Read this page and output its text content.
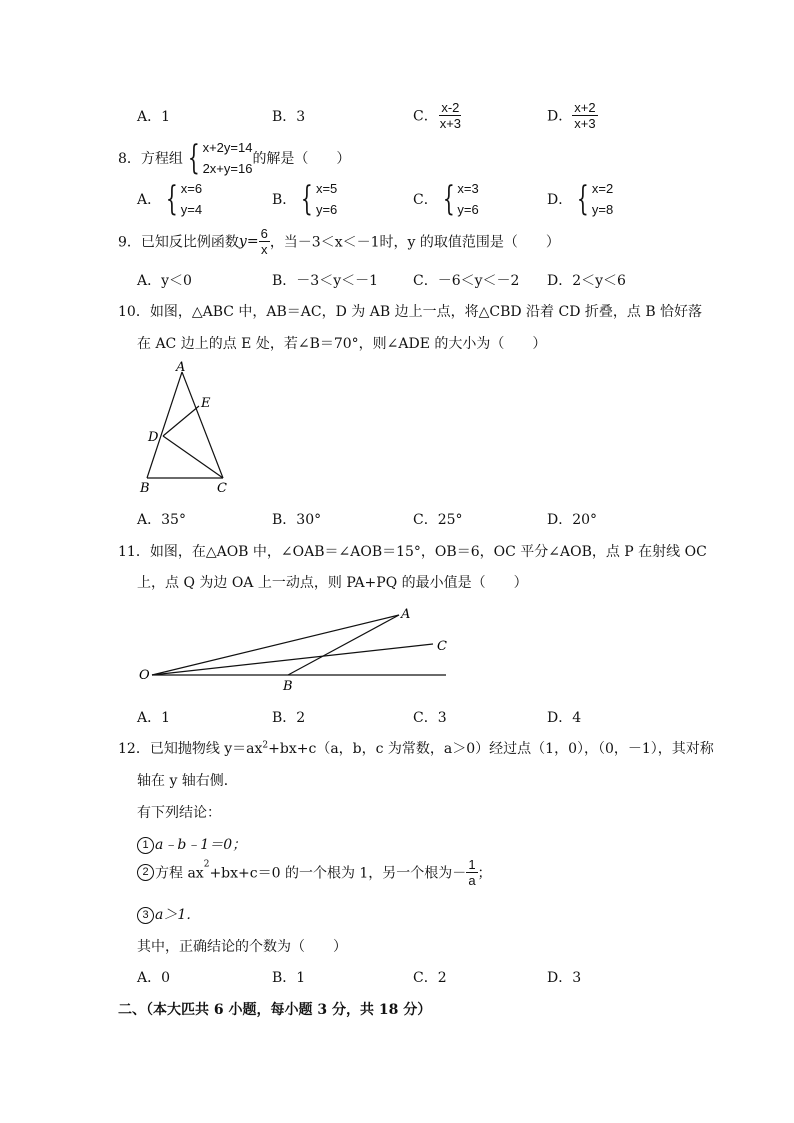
A．1	B．3	C． $\frac{x-2}{x+3}$	D． $\frac{x+2}{x+3}$
8．方程组 { x+2y=14
2x+y=16
的解是（　　）
A． { x=6
y=4
B． { x=5
y=6
C． { x=3
y=6
D． { x=2
y=8
9．已知反比例函数$y= \frac{6}{x}$ ，当－3＜x＜－1时，y 的取值范围是（　　）
A．y＜0	B．－3＜y＜－1 C．－6＜y＜－2 D．2＜y＜6
10．如图，△ABC 中，AB＝AC，D 为 AB 边上一点，将△CBD 沿着 CD 折叠，点 B 恰好落
在 AC 边上的点 E 处，若∠B＝70°，则∠ADE 的大小为（　　）
A
B	C
D
E
A．35°	B．30°	C．25°	D．20°
11．如图，在△AOB 中，∠OAB＝∠AOB＝15°，OB＝6，OC 平分∠AOB，点 P 在射线 OC
上，点 Q 为边 OA 上一动点，则 PA+PQ 的最小值是（　　）
O
A
B
C
A．1	B．2	C．3	D．4
12．已知抛物线 $y=ax^2+bx+c(a$，b，c 为常数，a＞0）经过点（1，0），（0，－1），其对称
轴在 y 轴右侧．
有下列结论：
1 a﹣b﹣1＝0；
2 方程 $ax^2+bx+c=0$ 的一个根为 1，另一个根为－ $\frac{1}{a}$ ；
3 a＞1．
其中，正确结论的个数为（　　）
A．0	B．1	C．2	D．3
二、（本大匹共 6 小题，每小题 3 分，共 18 分）
